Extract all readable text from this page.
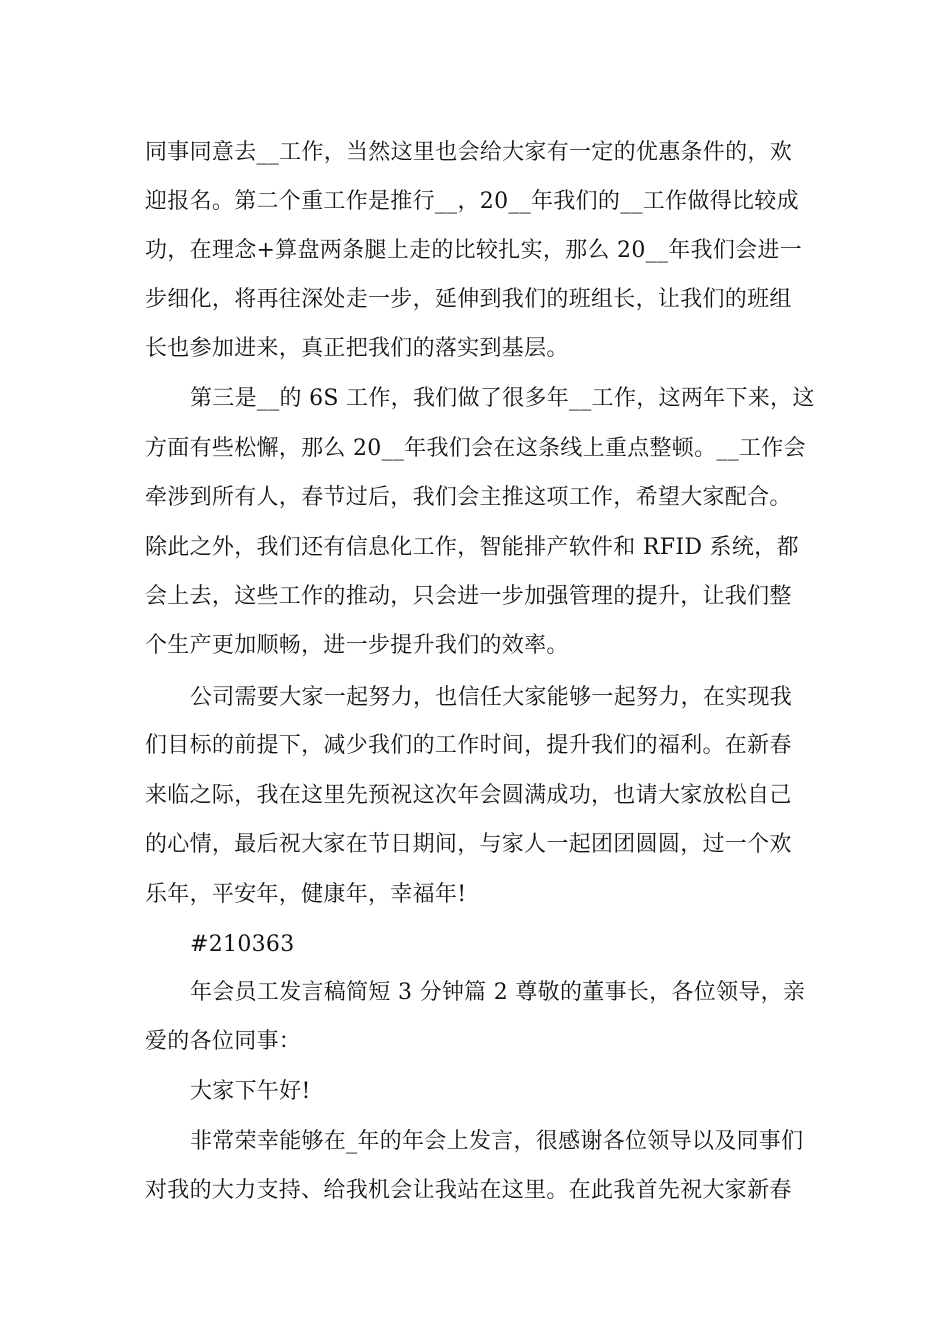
同事同意去__工作，当然这里也会给大家有一定的优惠条件的，欢
迎报名。第二个重工作是推行__，20__年我们的__工作做得比较成
功，在理念+算盘两条腿上走的比较扎实，那么 20__年我们会进一
步细化，将再往深处走一步，延伸到我们的班组长，让我们的班组
长也参加进来，真正把我们的落实到基层。
第三是__的 6S 工作，我们做了很多年__工作，这两年下来，这
方面有些松懈，那么 20__年我们会在这条线上重点整顿。__工作会
牵涉到所有人，春节过后，我们会主推这项工作，希望大家配合。
除此之外，我们还有信息化工作，智能排产软件和 RFID 系统，都
会上去，这些工作的推动，只会进一步加强管理的提升，让我们整
个生产更加顺畅，进一步提升我们的效率。
公司需要大家一起努力，也信任大家能够一起努力，在实现我
们目标的前提下，减少我们的工作时间，提升我们的福利。在新春
来临之际，我在这里先预祝这次年会圆满成功，也请大家放松自己
的心情，最后祝大家在节日期间，与家人一起团团圆圆，过一个欢
乐年，平安年，健康年，幸福年!
#210363
年会员工发言稿简短 3 分钟篇 2 尊敬的董事长，各位领导，亲
爱的各位同事：
大家下午好!
非常荣幸能够在_年的年会上发言，很感谢各位领导以及同事们
对我的大力支持、给我机会让我站在这里。在此我首先祝大家新春
